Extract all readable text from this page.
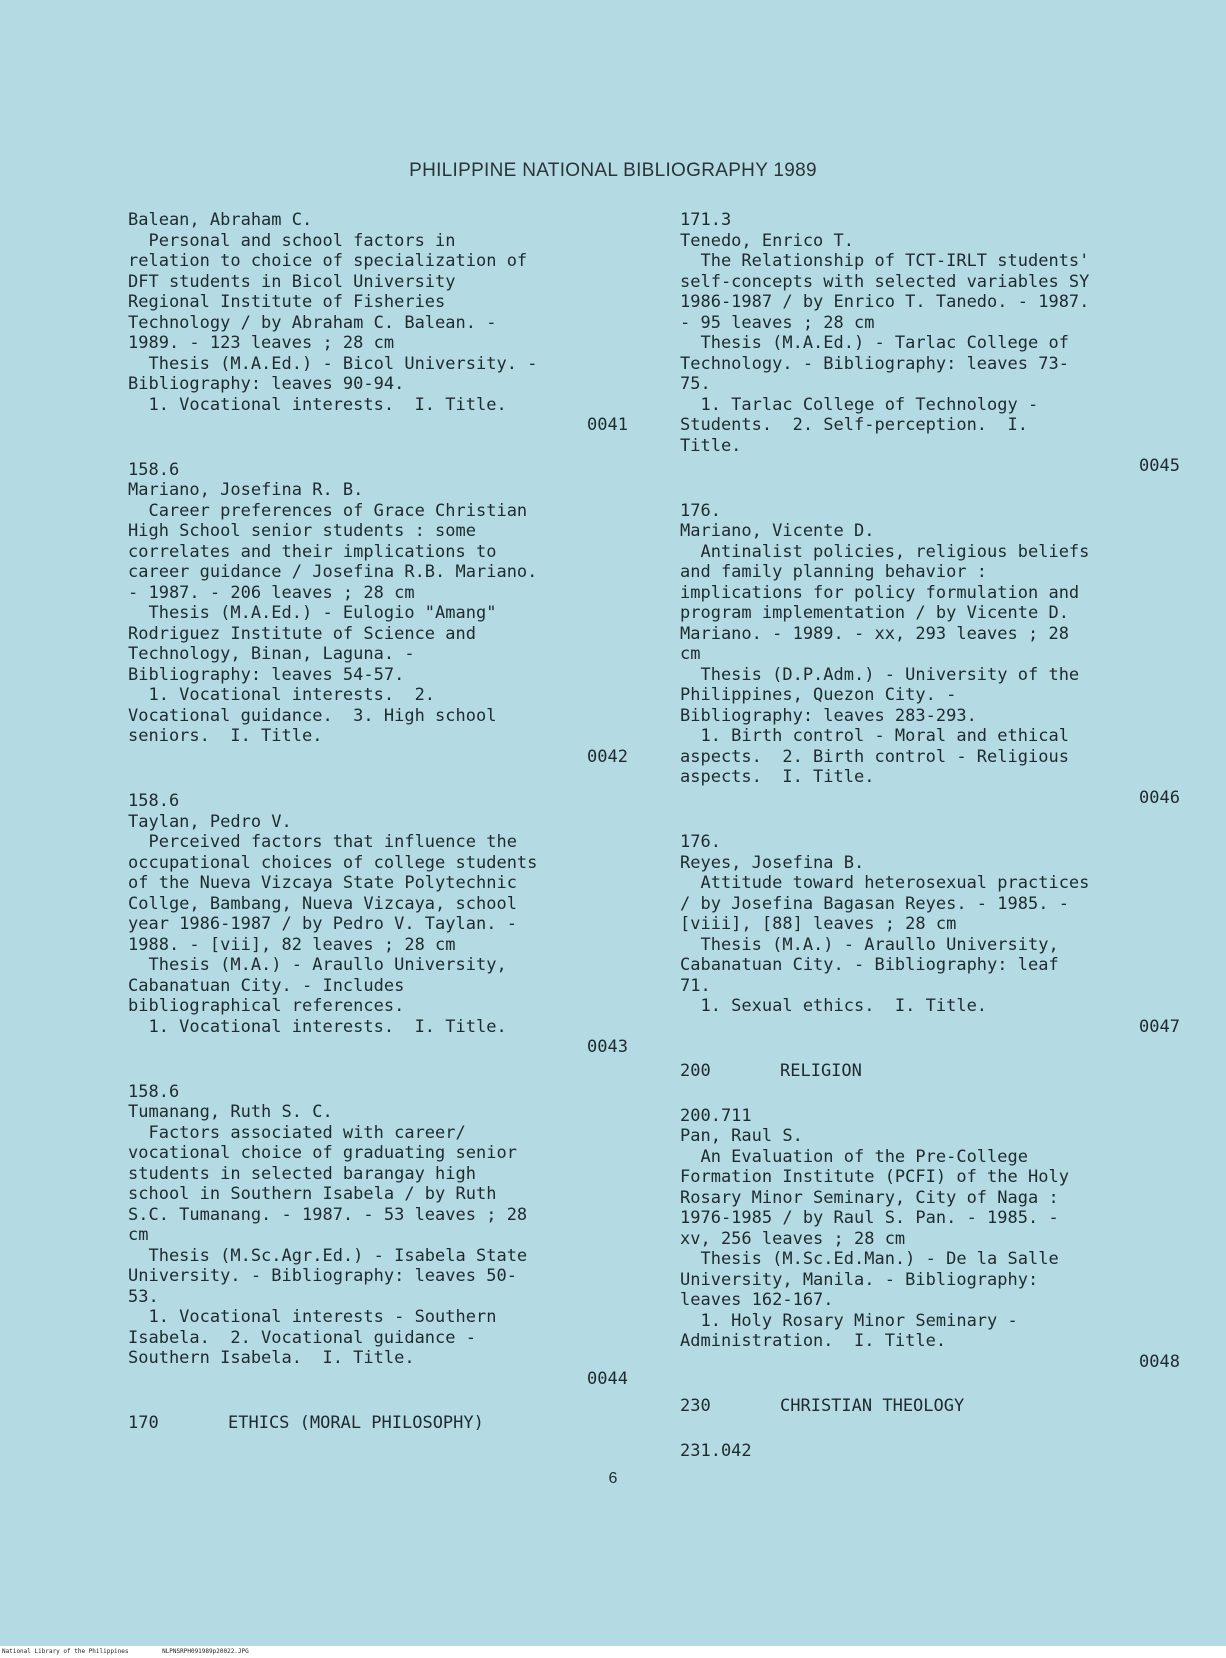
PHILIPPINE NATIONAL BIBLIOGRAPHY 1989
Balean, Abraham C.
Personal and school factors in
relation to choice of specialization of
DFT students in Bicol University
Regional Institute of Fisheries
Technology / by Abraham C. Balean. -
1989. - 123 leaves ; 28 cm
Thesis (M.A.Ed.) - Bicol University. -
Bibliography: leaves 90-94.
1. Vocational interests.  I. Title.
0041
158.6
Mariano, Josefina R. B.
Career preferences of Grace Christian
High School senior students : some
correlates and their implications to
career guidance / Josefina R.B. Mariano.
- 1987. - 206 leaves ; 28 cm
Thesis (M.A.Ed.) - Eulogio "Amang"
Rodriguez Institute of Science and
Technology, Binan, Laguna. -
Bibliography: leaves 54-57.
1. Vocational interests.  2.
Vocational guidance.  3. High school
seniors.  I. Title.
0042
158.6
Taylan, Pedro V.
Perceived factors that influence the
occupational choices of college students
of the Nueva Vizcaya State Polytechnic
Collge, Bambang, Nueva Vizcaya, school
year 1986-1987 / by Pedro V. Taylan. -
1988. - [vii], 82 leaves ; 28 cm
Thesis (M.A.) - Araullo University,
Cabanatuan City. - Includes
bibliographical references.
1. Vocational interests.  I. Title.
0043
158.6
Tumanang, Ruth S. C.
Factors associated with career/
vocational choice of graduating senior
students in selected barangay high
school in Southern Isabela / by Ruth
S.C. Tumanang. - 1987. - 53 leaves ; 28
cm
Thesis (M.Sc.Agr.Ed.) - Isabela State
University. - Bibliography: leaves 50-
53.
1. Vocational interests - Southern
Isabela.  2. Vocational guidance -
Southern Isabela.  I. Title.
0044
170	ETHICS (MORAL PHILOSOPHY)
171.3
Tenedo, Enrico T.
The Relationship of TCT-IRLT students'
self-concepts with selected variables SY
1986-1987 / by Enrico T. Tanedo. - 1987.
- 95 leaves ; 28 cm
Thesis (M.A.Ed.) - Tarlac College of
Technology. - Bibliography: leaves 73-
75.
1. Tarlac College of Technology -
Students.  2. Self-perception.  I.
Title.
0045
176.
Mariano, Vicente D.
Antinalist policies, religious beliefs
and family planning behavior :
implications for policy formulation and
program implementation / by Vicente D.
Mariano. - 1989. - xx, 293 leaves ; 28
cm
Thesis (D.P.Adm.) - University of the
Philippines, Quezon City. -
Bibliography: leaves 283-293.
1. Birth control - Moral and ethical
aspects.  2. Birth control - Religious
aspects.  I. Title.
0046
176.
Reyes, Josefina B.
Attitude toward heterosexual practices
/ by Josefina Bagasan Reyes. - 1985. -
[viii], [88] leaves ; 28 cm
Thesis (M.A.) - Araullo University,
Cabanatuan City. - Bibliography: leaf
71.
1. Sexual ethics.  I. Title.
0047
200	RELIGION
200.711
Pan, Raul S.
An Evaluation of the Pre-College
Formation Institute (PCFI) of the Holy
Rosary Minor Seminary, City of Naga :
1976-1985 / by Raul S. Pan. - 1985. -
xv, 256 leaves ; 28 cm
Thesis (M.Sc.Ed.Man.) - De la Salle
University, Manila. - Bibliography:
leaves 162-167.
1. Holy Rosary Minor Seminary -
Administration.  I. Title.
0048
230	CHRISTIAN THEOLOGY
231.042
6
National Library of the Philippines	NLPNSRPH091989p20022.JPG
